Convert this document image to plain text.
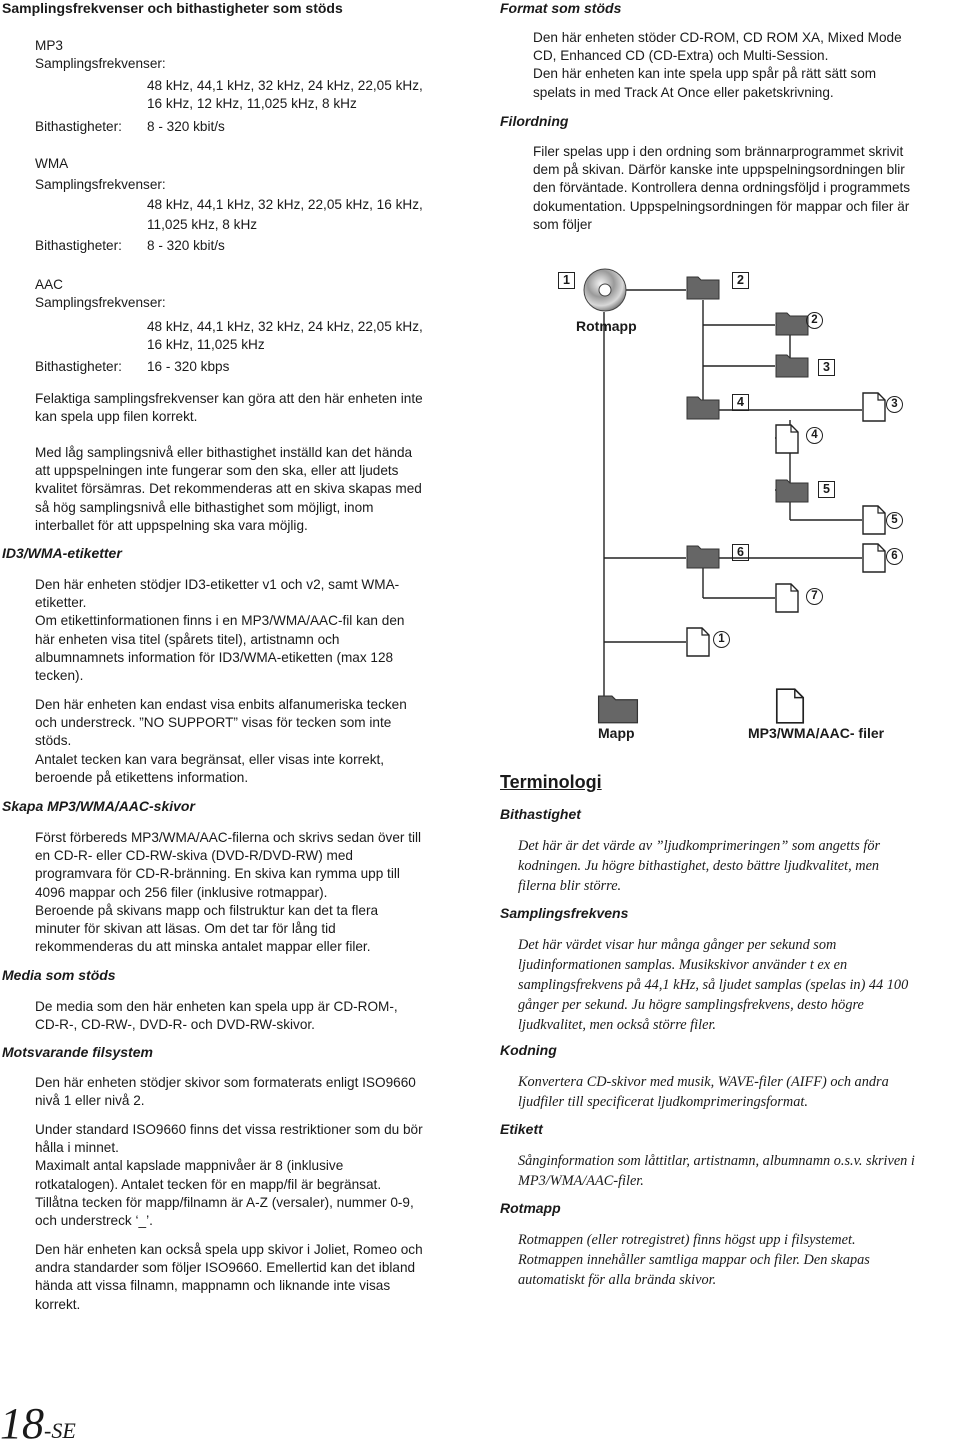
Samplingsfrekvenser och bithastigheter som stöds
MP3
Samplingsfrekvenser:
48 kHz, 44,1 kHz, 32 kHz, 24 kHz, 22,05 kHz,
16 kHz, 12 kHz, 11,025 kHz, 8 kHz
Bithastigheter: 8 - 320 kbit/s
WMA
Samplingsfrekvenser:
48 kHz, 44,1 kHz, 32 kHz, 22,05 kHz, 16 kHz,
11,025 kHz, 8 kHz
Bithastigheter: 8 - 320 kbit/s
AAC
Samplingsfrekvenser:
48 kHz, 44,1 kHz, 32 kHz, 24 kHz, 22,05 kHz,
16 kHz, 11,025 kHz
Bithastigheter: 16 - 320 kbps
Felaktiga samplingsfrekvenser kan göra att den här enheten inte
kan spela upp filen korrekt.
Med låg samplingsnivå eller bithastighet inställd kan det hända
att uppspelningen inte fungerar som den ska, eller att ljudets
kvalitet försämras. Det rekommenderas att en skiva skapas med
så hög samplingsnivå elle bithastighet som möjligt, inom
interballet för att uppspelning ska vara möjlig.
ID3/WMA-etiketter
Den här enheten stödjer ID3-etiketter v1 och v2, samt WMA-
etiketter.
Om etikettinformationen finns i en MP3/WMA/AAC-fil kan den
här enheten visa titel (spårets titel), artistnamn och
albumnamnets information för ID3/WMA-etiketten (max 128
tecken).
Den här enheten kan endast visa enbits alfanumeriska tecken
och understreck. ”NO SUPPORT” visas för tecken som inte
stöds.
Antalet tecken kan vara begränsat, eller visas inte korrekt,
beroende på etikettens information.
Skapa MP3/WMA/AAC-skivor
Först förbereds MP3/WMA/AAC-filerna och skrivs sedan över till
en CD-R- eller CD-RW-skiva (DVD-R/DVD-RW) med
programvara för CD-R-bränning. En skiva kan rymma upp till
4096 mappar och 256 filer (inklusive rotmappar).
Beroende på skivans mapp och filstruktur kan det ta flera
minuter för skivan att läsas. Om det tar för lång tid
rekommenderas du att minska antalet mappar eller filer.
Media som stöds
De media som den här enheten kan spela upp är CD-ROM-,
CD-R-, CD-RW-, DVD-R- och DVD-RW-skivor.
Motsvarande filsystem
Den här enheten stödjer skivor som formaterats enligt ISO9660
nivå 1 eller nivå 2.
Under standard ISO9660 finns det vissa restriktioner som du bör
hålla i minnet.
Maximalt antal kapslade mappnivåer är 8 (inklusive
rotkatalogen). Antalet tecken för en mapp/fil är begränsat.
Tillåtna tecken för mapp/filnamn är A-Z (versaler), nummer 0-9,
och understreck ‘_’.
Den här enheten kan också spela upp skivor i Joliet, Romeo och
andra standarder som följer ISO9660. Emellertid kan det ibland
hända att vissa filnamn, mappnamn och liknande inte visas
korrekt.
18-SE
Format som stöds
Den här enheten stöder CD-ROM, CD ROM XA, Mixed Mode
CD, Enhanced CD (CD-Extra) och Multi-Session.
Den här enheten kan inte spela upp spår på rätt sätt som
spelats in med Track At Once eller paketskrivning.
Filordning
Filer spelas upp i den ordning som brännarprogrammet skrivit
dem på skivan. Därför kanske inte uppspelningsordningen blir
den förväntade. Kontrollera denna ordningsföljd i programmets
dokumentation. Uppspelningsordningen för mappar och filer är
som följer
Rotmapp
1	2
3
4
5
6
1
2
3
4
5
6
7
Mapp	MP3/WMA/AAC- filer
Terminologi
Bithastighet
Det här är det värde av ”ljudkomprimeringen” som angetts för
kodningen. Ju högre bithastighet, desto bättre ljudkvalitet, men
filerna blir större.
Samplingsfrekvens
Det här värdet visar hur många gånger per sekund som
ljudinformationen samplas. Musikskivor använder t ex en
samplingsfrekvens på 44,1 kHz, så ljudet samplas (spelas in) 44 100
gånger per sekund. Ju högre samplingsfrekvens, desto högre
ljudkvalitet, men också större filer.
Kodning
Konvertera CD-skivor med musik, WAVE-filer (AIFF) och andra
ljudfiler till specificerat ljudkomprimeringsformat.
Etikett
Sånginformation som låttitlar, artistnamn, albumnamn o.s.v. skriven i
MP3/WMA/AAC-filer.
Rotmapp
Rotmappen (eller rotregistret) finns högst upp i filsystemet.
Rotmappen innehåller samtliga mappar och filer. Den skapas
automatiskt för alla brända skivor.
